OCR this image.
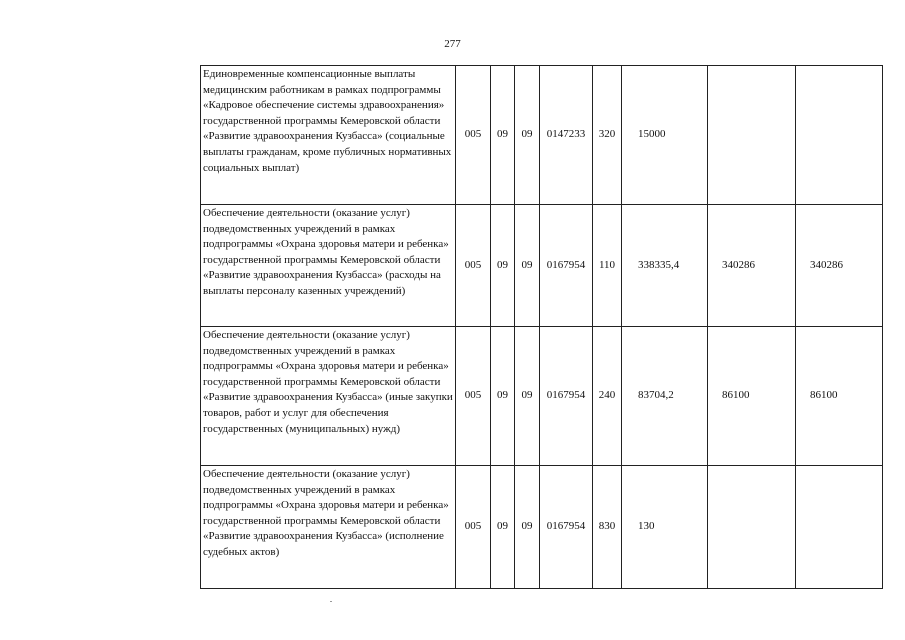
277
Единовременные компенсационные выплаты медицинским работникам в рамках подпрограммы «Кадровое обеспечение системы здравоохранения» государственной программы Кемеровской области «Развитие здравоохранения Кузбасса» (социальные выплаты гражданам, кроме публичных нормативных социальных выплат)	005	09	09	0147233	320	15000		
Обеспечение деятельности (оказание услуг) подведомственных учреждений в рамках подпрограммы «Охрана здоровья матери и ребенка» государственной программы Кемеровской области «Развитие здравоохранения Кузбасса» (расходы на выплаты персоналу казенных учреждений)	005	09	09	0167954	110	338335,4	340286	340286
Обеспечение деятельности (оказание услуг) подведомственных учреждений в рамках подпрограммы «Охрана здоровья матери и ребенка» государственной программы Кемеровской области «Развитие здравоохранения Кузбасса» (иные закупки товаров, работ и услуг для обеспечения государственных (муниципальных) нужд)	005	09	09	0167954	240	83704,2	86100	86100
Обеспечение деятельности (оказание услуг) подведомственных учреждений в рамках подпрограммы «Охрана здоровья матери и ребенка» государственной программы Кемеровской области «Развитие здравоохранения Кузбасса» (исполнение судебных актов)	005	09	09	0167954	830	130		
